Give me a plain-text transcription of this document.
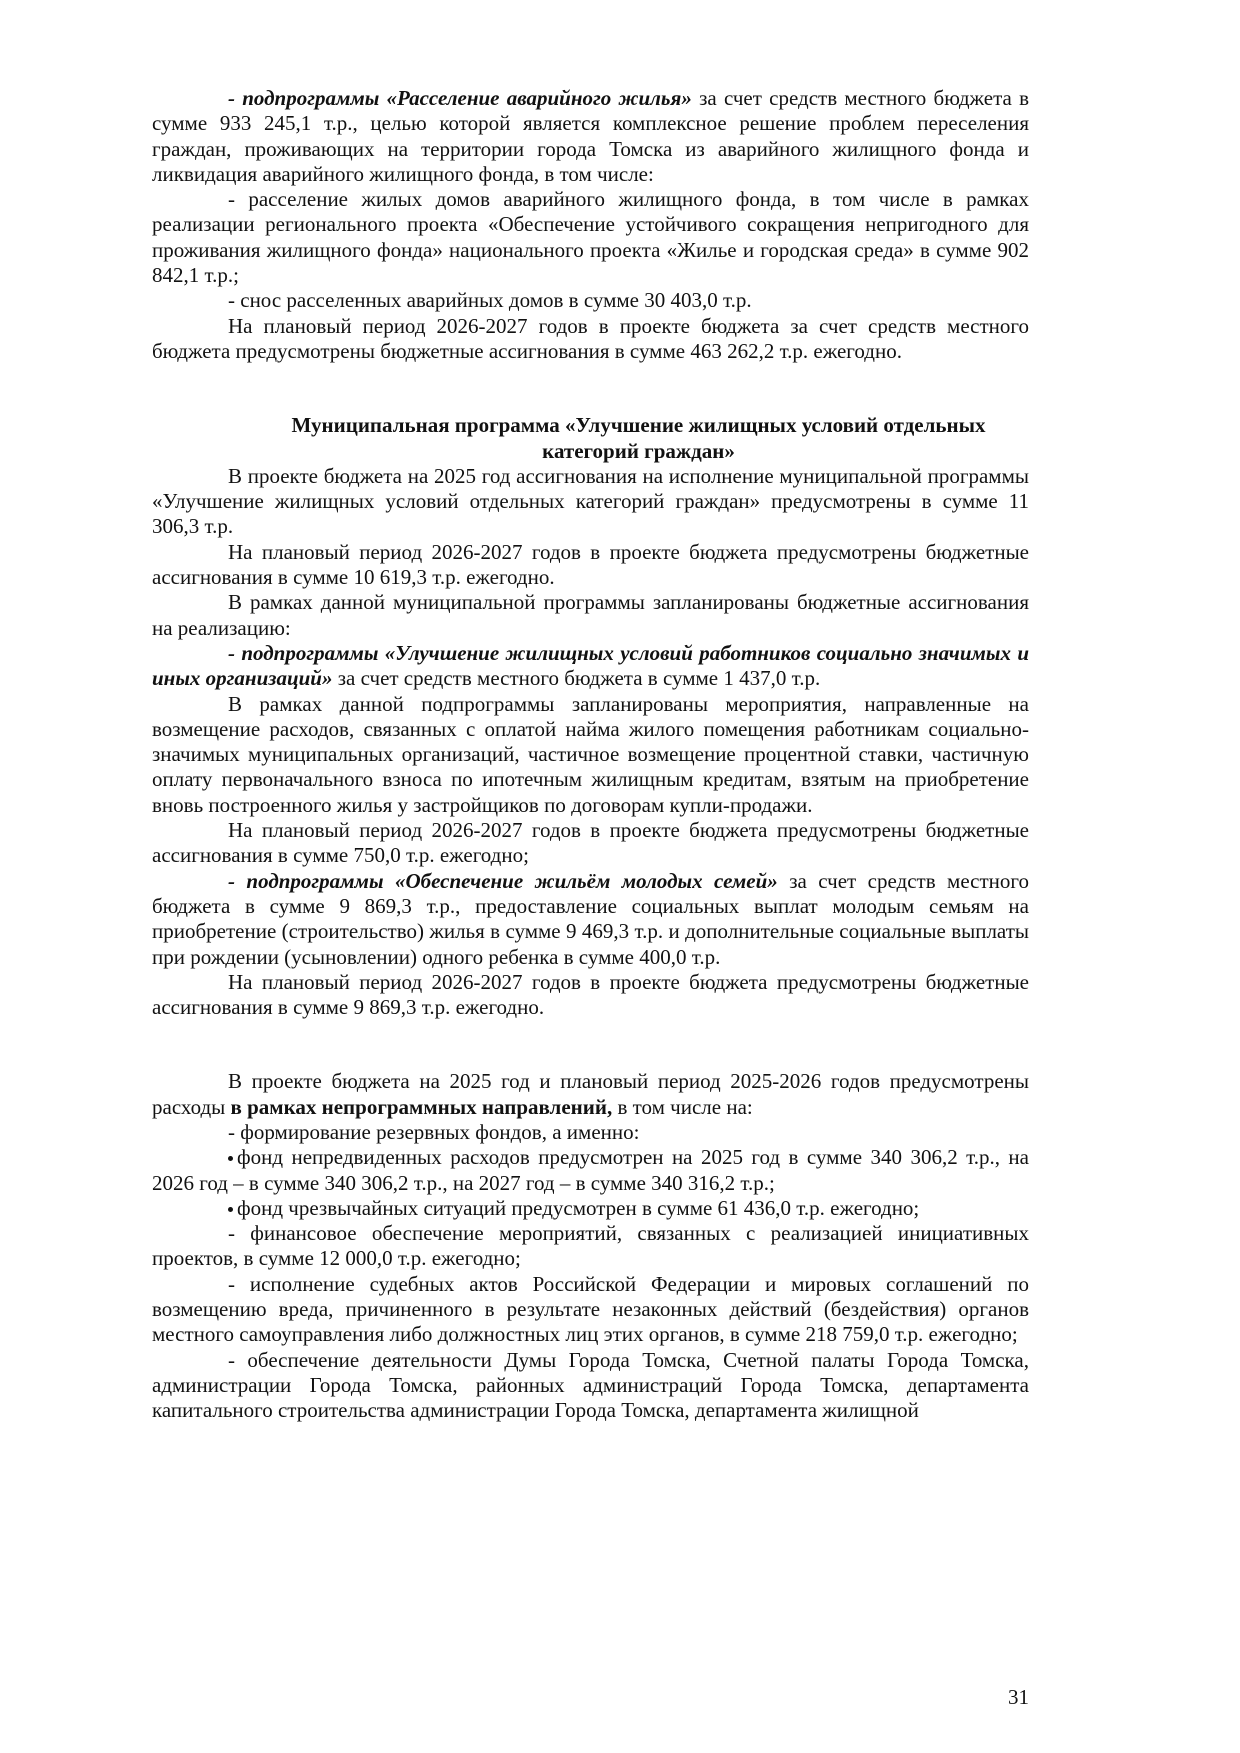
- подпрограммы «Расселение аварийного жилья» за счет средств местного бюджета в сумме 933 245,1 т.р., целью которой является комплексное решение проблем переселения граждан, проживающих на территории города Томска из аварийного жилищного фонда и ликвидация аварийного жилищного фонда, в том числе:

- расселение жилых домов аварийного жилищного фонда, в том числе в рамках реализации регионального проекта «Обеспечение устойчивого сокращения непригодного для проживания жилищного фонда» национального проекта «Жилье и городская среда» в сумме 902 842,1 т.р.;

- снос расселенных аварийных домов в сумме 30 403,0 т.р.

На плановый период 2026-2027 годов в проекте бюджета за счет средств местного бюджета предусмотрены бюджетные ассигнования в сумме 463 262,2 т.р. ежегодно.

Муниципальная программа «Улучшение жилищных условий отдельных категорий граждан»

В проекте бюджета на 2025 год ассигнования на исполнение муниципальной программы «Улучшение жилищных условий отдельных категорий граждан» предусмотрены в сумме 11 306,3 т.р.

На плановый период 2026-2027 годов в проекте бюджета предусмотрены бюджетные ассигнования в сумме 10 619,3 т.р. ежегодно.

В рамках данной муниципальной программы запланированы бюджетные ассигнования на реализацию:

- подпрограммы «Улучшение жилищных условий работников социально значимых и иных организаций» за счет средств местного бюджета в сумме 1 437,0 т.р.

В рамках данной подпрограммы запланированы мероприятия, направленные на возмещение расходов, связанных с оплатой найма жилого помещения работникам социально-значимых муниципальных организаций, частичное возмещение процентной ставки, частичную оплату первоначального взноса по ипотечным жилищным кредитам, взятым на приобретение вновь построенного жилья у застройщиков по договорам купли-продажи.

На плановый период 2026-2027 годов в проекте бюджета предусмотрены бюджетные ассигнования в сумме 750,0 т.р. ежегодно;

- подпрограммы «Обеспечение жильём молодых семей» за счет средств местного бюджета в сумме 9 869,3 т.р., предоставление социальных выплат молодым семьям на приобретение (строительство) жилья в сумме 9 469,3 т.р. и дополнительные социальные выплаты при рождении (усыновлении) одного ребенка в сумме 400,0 т.р.

На плановый период 2026-2027 годов в проекте бюджета предусмотрены бюджетные ассигнования в сумме 9 869,3 т.р. ежегодно.

В проекте бюджета на 2025 год и плановый период 2025-2026 годов предусмотрены расходы в рамках непрограммных направлений, в том числе на:

- формирование резервных фондов, а именно:

фонд непредвиденных расходов предусмотрен на 2025 год в сумме 340 306,2 т.р., на 2026 год – в сумме 340 306,2 т.р., на 2027 год – в сумме 340 316,2 т.р.;

фонд чрезвычайных ситуаций предусмотрен в сумме 61 436,0 т.р. ежегодно;

- финансовое обеспечение мероприятий, связанных с реализацией инициативных проектов, в сумме 12 000,0 т.р. ежегодно;

- исполнение судебных актов Российской Федерации и мировых соглашений по возмещению вреда, причиненного в результате незаконных действий (бездействия) органов местного самоуправления либо должностных лиц этих органов, в сумме 218 759,0 т.р. ежегодно;

- обеспечение деятельности Думы Города Томска, Счетной палаты Города Томска, администрации Города Томска, районных администраций Города Томска, департамента капитального строительства администрации Города Томска, департамента жилищной

31
